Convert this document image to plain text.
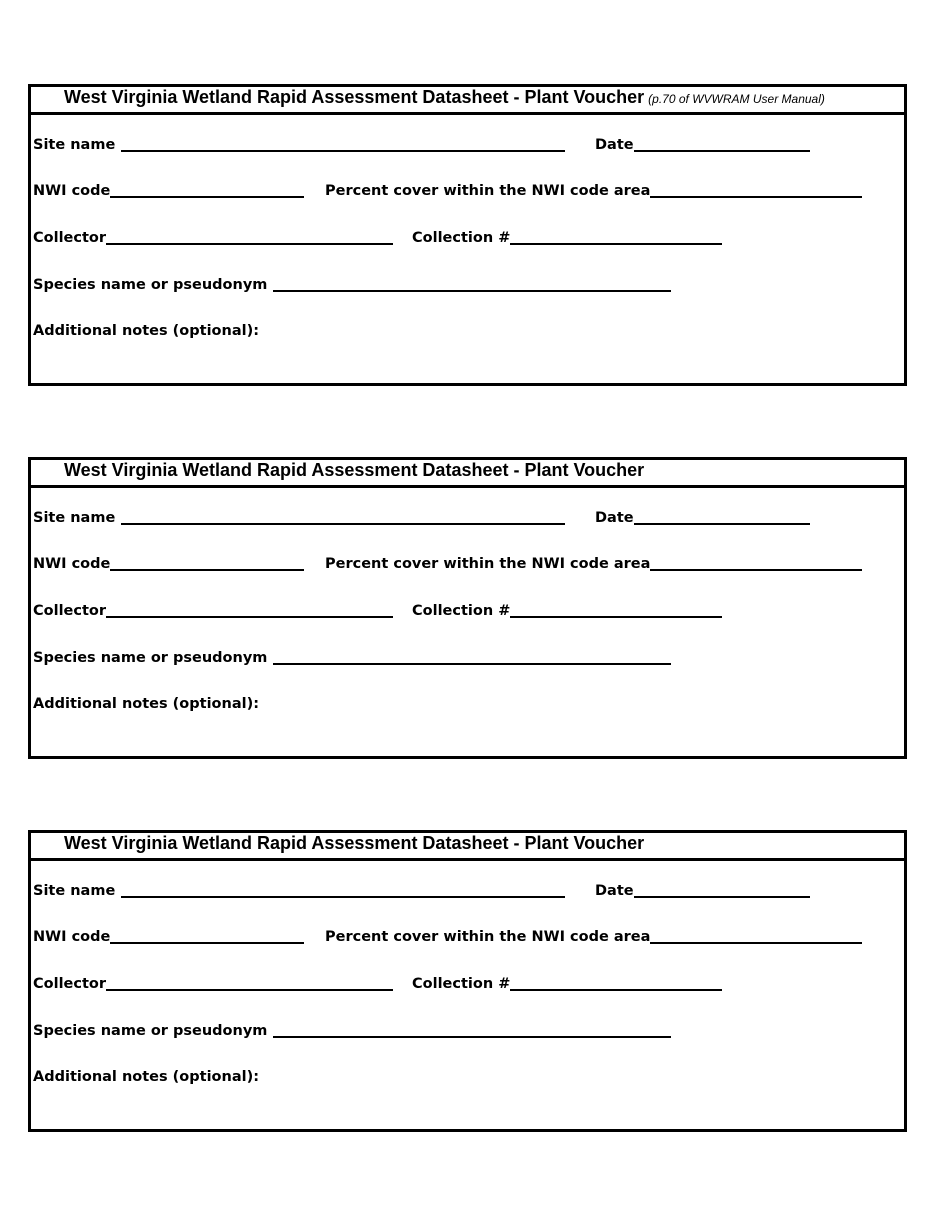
West Virginia Wetland Rapid Assessment Datasheet - Plant Voucher (p.70 of WVWRAM User Manual)
Site name	Date
NWI code	Percent cover within the NWI code area
Collector	Collection #
Species name or pseudonym
Additional notes (optional):
West Virginia Wetland Rapid Assessment Datasheet - Plant Voucher
Site name	Date
NWI code	Percent cover within the NWI code area
Collector	Collection #
Species name or pseudonym
Additional notes (optional):
West Virginia Wetland Rapid Assessment Datasheet - Plant Voucher
Site name	Date
NWI code	Percent cover within the NWI code area
Collector	Collection #
Species name or pseudonym
Additional notes (optional):
